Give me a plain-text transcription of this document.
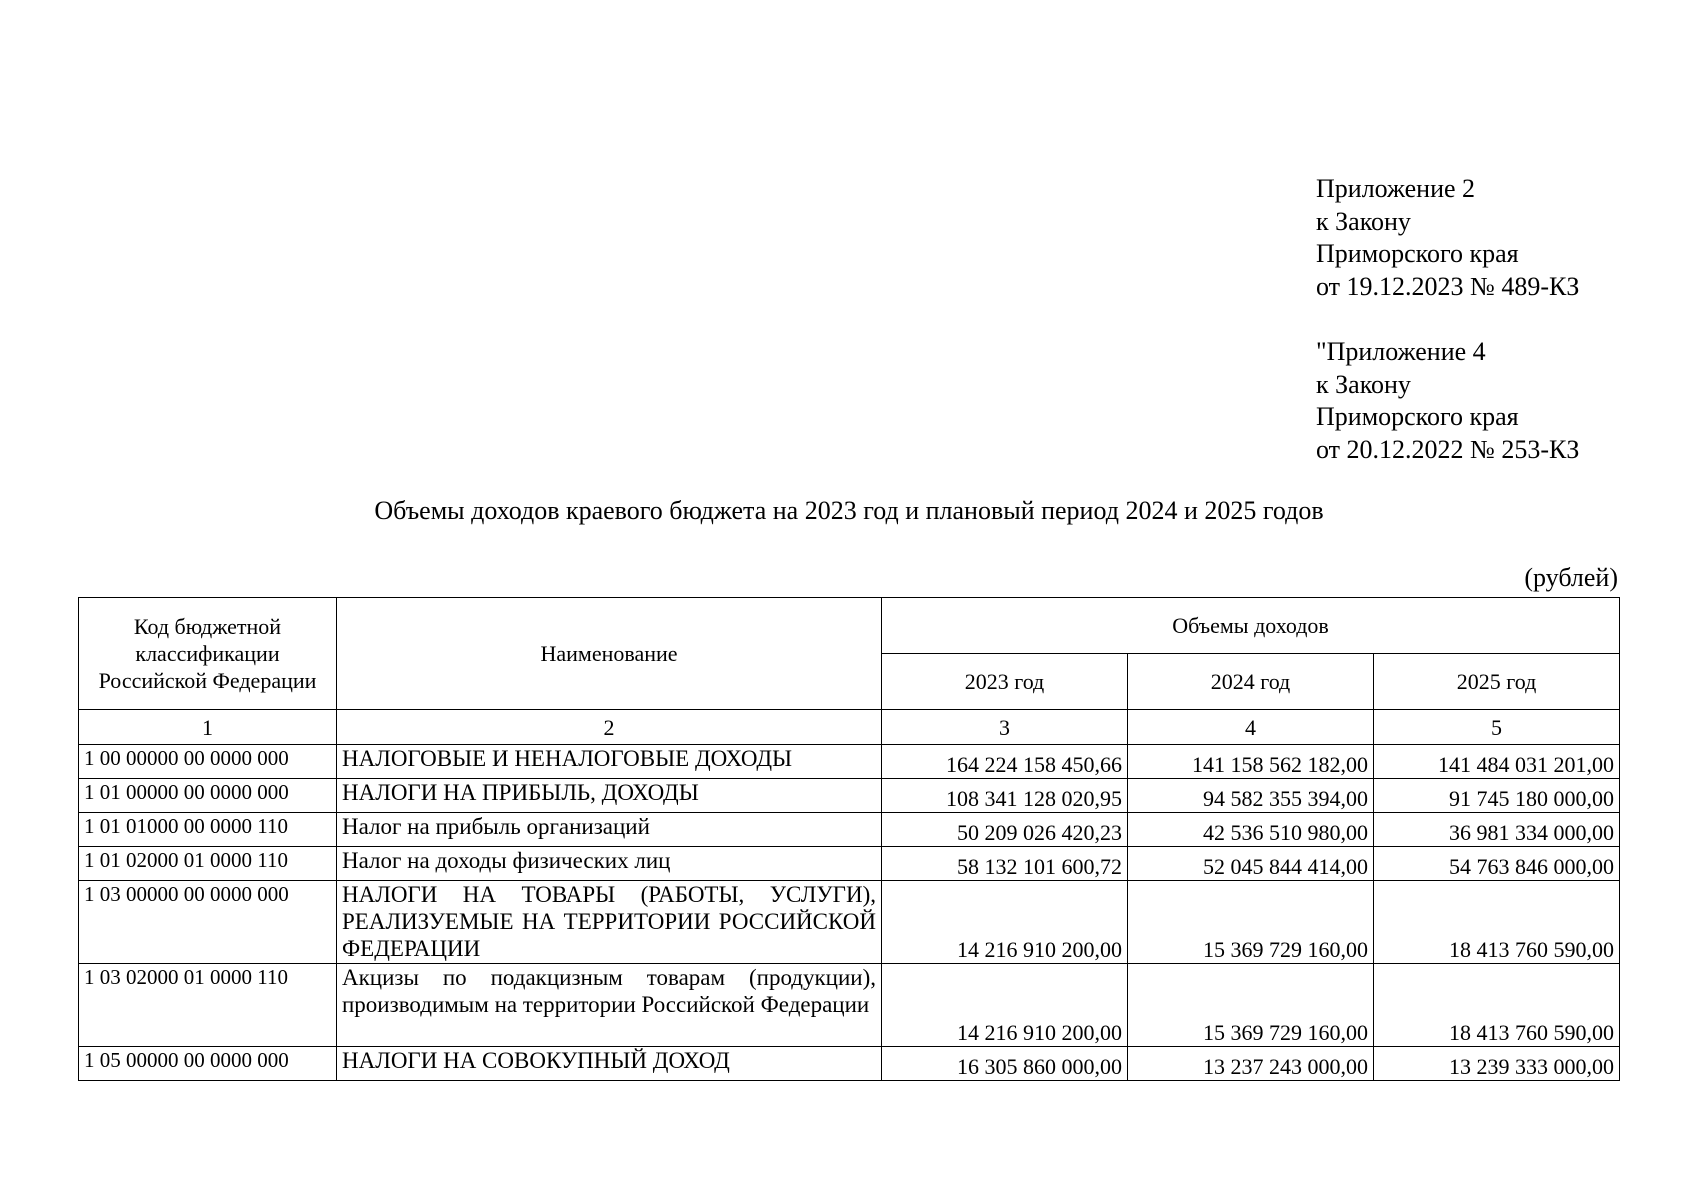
Приложение 2
к Закону
Приморского края
от 19.12.2023 № 489-КЗ
"Приложение 4
к Закону
Приморского края
от 20.12.2022 № 253-КЗ
Объемы доходов краевого бюджета на 2023 год и плановый период 2024 и 2025 годов
(рублей)
Код бюджетной классификации Российской Федерации	Наименование	Объемы доходов		
		2023 год	2024 год	2025 год
1	2	3	4	5
1 00 00000 00 0000 000	НАЛОГОВЫЕ И НЕНАЛОГОВЫЕ ДОХОДЫ	164 224 158 450,66	141 158 562 182,00	141 484 031 201,00
1 01 00000 00 0000 000	НАЛОГИ НА ПРИБЫЛЬ, ДОХОДЫ	108 341 128 020,95	94 582 355 394,00	91 745 180 000,00
1 01 01000 00 0000 110	Налог на прибыль организаций	50 209 026 420,23	42 536 510 980,00	36 981 334 000,00
1 01 02000 01 0000 110	Налог на доходы физических лиц	58 132 101 600,72	52 045 844 414,00	54 763 846 000,00
1 03 00000 00 0000 000	НАЛОГИ НА ТОВАРЫ (РАБОТЫ, УСЛУГИ), РЕАЛИЗУЕМЫЕ НА ТЕРРИТОРИИ РОССИЙСКОЙ ФЕДЕРАЦИИ	14 216 910 200,00	15 369 729 160,00	18 413 760 590,00
1 03 02000 01 0000 110	Акцизы по подакцизным товарам (продукции), производимым на территории Российской Федерации	14 216 910 200,00	15 369 729 160,00	18 413 760 590,00
1 05 00000 00 0000 000	НАЛОГИ НА СОВОКУПНЫЙ ДОХОД	16 305 860 000,00	13 237 243 000,00	13 239 333 000,00
